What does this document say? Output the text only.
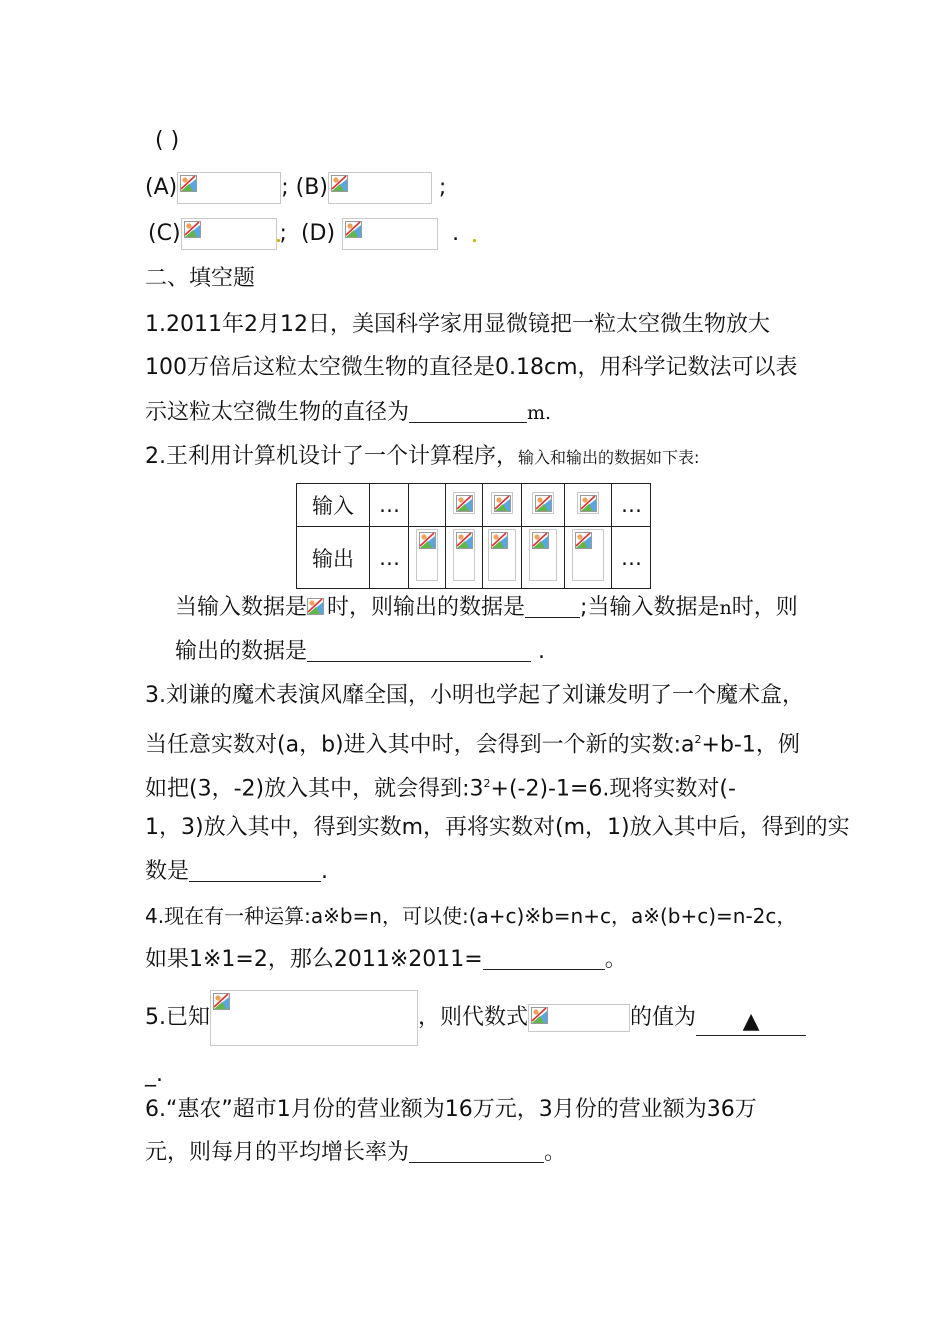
( )
(A)	; (B)	;
(C)	; (D)	.
二、填空题
1.2011年2月12日，美国科学家用显微镜把一粒太空微生物放大
100万倍后这粒太空微生物的直径是0.18cm，用科学记数法可以表
示这粒太空微生物的直径为	m.
2.王利用计算机设计了一个计算程序，输入和输出的数据如下表:
输入	…						…
输出	…						…
当输入数据是 时，则输出的数据是	;当输入数据是n时，则
输出的数据是	.
3.刘谦的魔术表演风靡全国，小明也学起了刘谦发明了一个魔术盒，
当任意实数对(a，b)进入其中时，会得到一个新的实数$:a^2+b-1$，例
如把(3，-2)放入其中，就会得到$:3^2+(-2)-1=6$.现将实数对(-
1，3)放入其中，得到实数m，再将实数对(m，1)放入其中后，得到的实
数是	.
4.现在有一种运算:a※b=n，可以使:(a+c)※b=n+c，a※(b+c)=n-2c，
如果1※1=2，那么2011※2011=	。
5.已知	，则代数式	的值为 ▲
_.
6.“惠农”超市1月份的营业额为16万元，3月份的营业额为36万
元，则每月的平均增长率为	。
